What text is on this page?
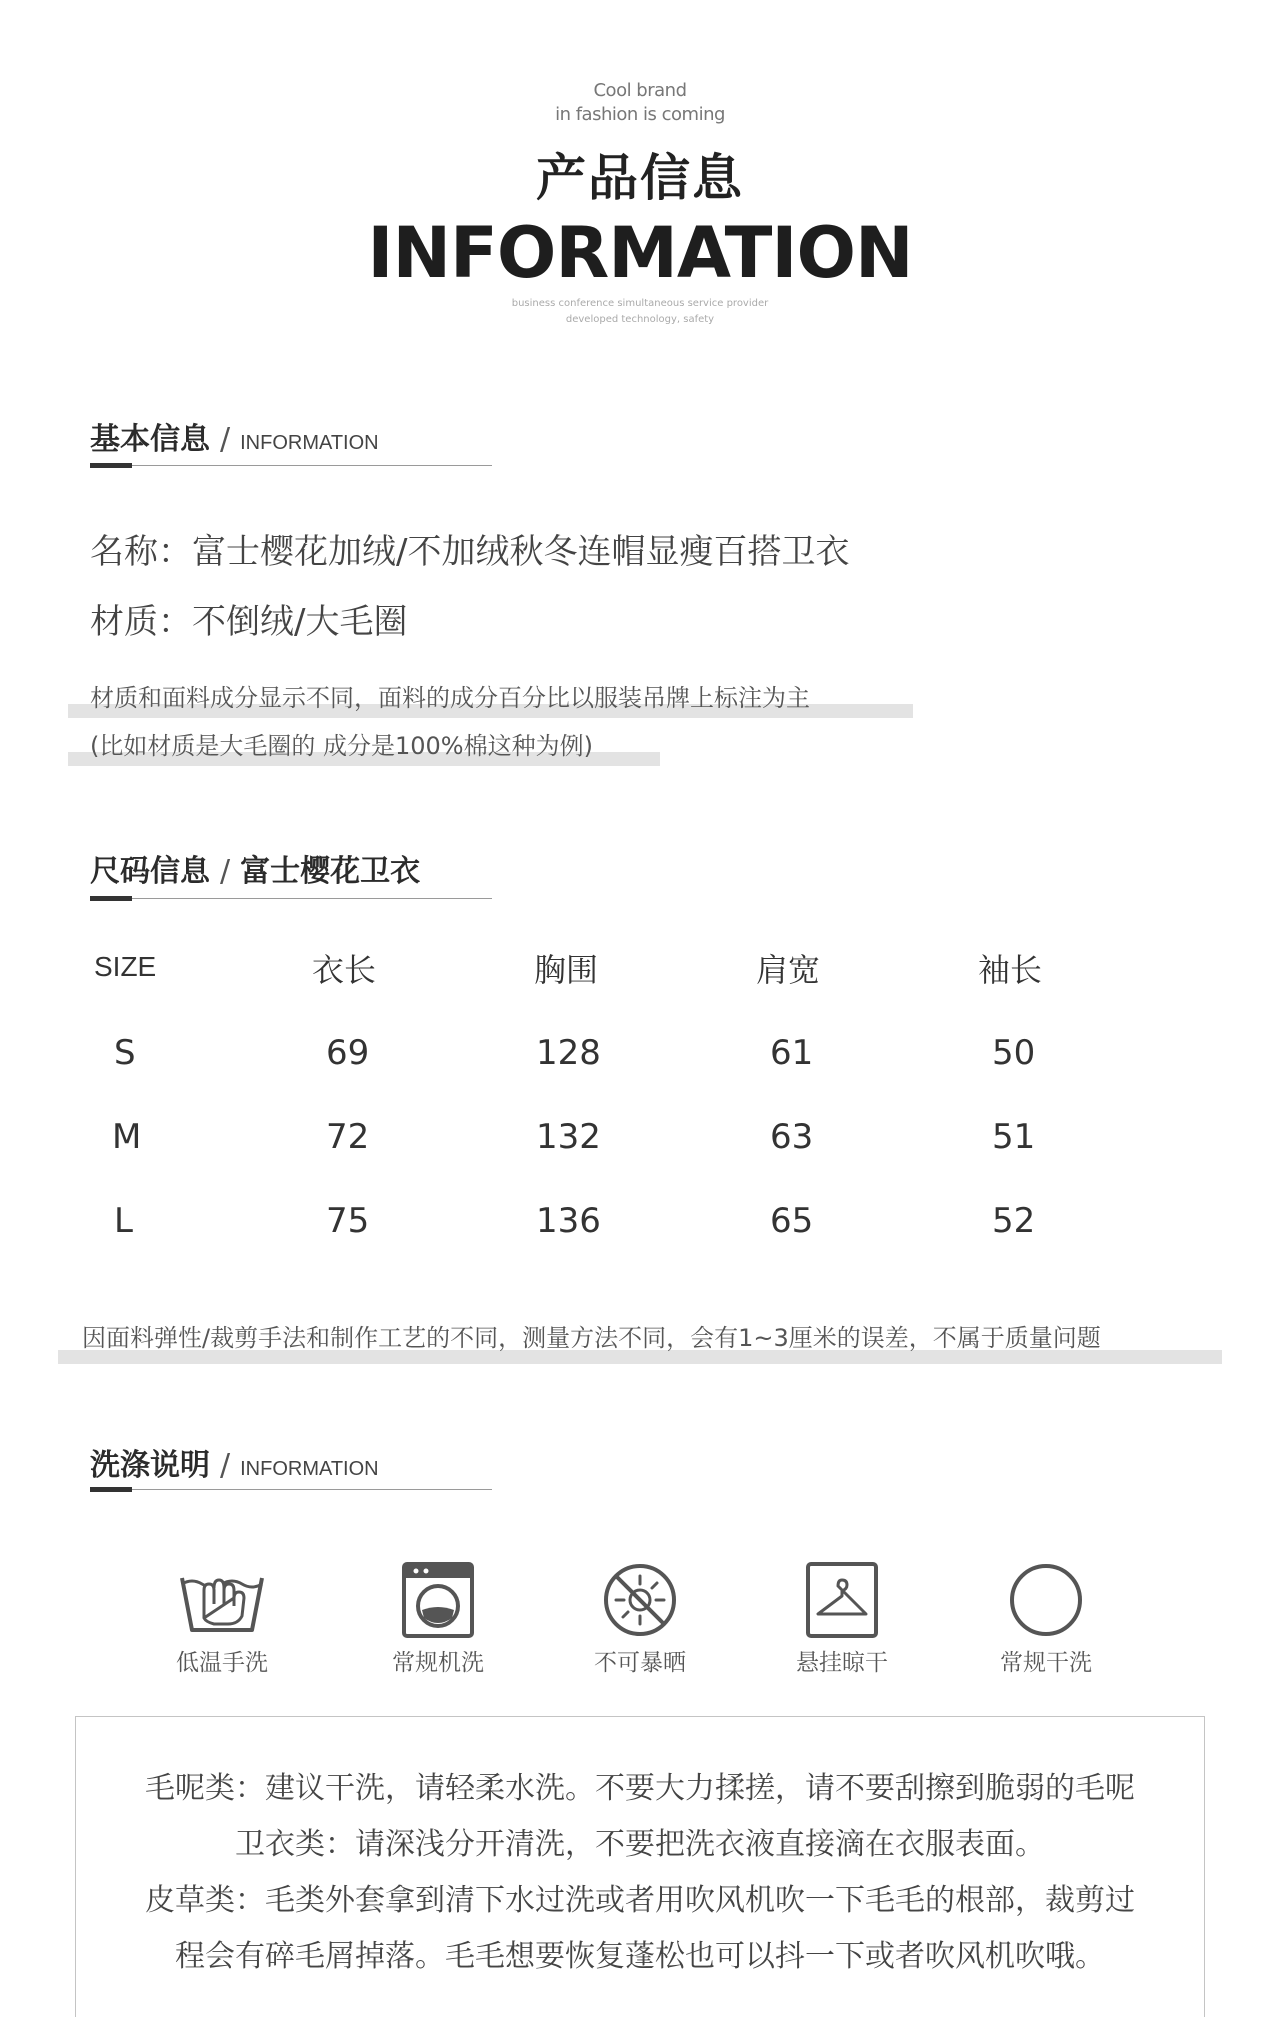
Cool brand
in fashion is coming
产品信息
INFORMATION
business conference simultaneous service provider
developed technology, safety
基本信息 / INFORMATION
名称：富士樱花加绒/不加绒秋冬连帽显瘦百搭卫衣
材质：不倒绒/大毛圈
材质和面料成分显示不同，面料的成分百分比以服装吊牌上标注为主
(比如材质是大毛圈的 成分是100%棉这种为例)
尺码信息 / 富士樱花卫衣
SIZE	衣长	胸围	肩宽	袖长
S	69	128	61	50
M	72	132	63	51
L	75	136	65	52
因面料弹性/裁剪手法和制作工艺的不同，测量方法不同，会有1~3厘米的误差，不属于质量问题
洗涤说明 / INFORMATION
低温手洗	常规机洗	不可暴晒	悬挂晾干	常规干洗
毛呢类：建议干洗，请轻柔水洗。不要大力揉搓，请不要刮擦到脆弱的毛呢
卫衣类：请深浅分开清洗，不要把洗衣液直接滴在衣服表面。
皮草类：毛类外套拿到清下水过洗或者用吹风机吹一下毛毛的根部，裁剪过
程会有碎毛屑掉落。毛毛想要恢复蓬松也可以抖一下或者吹风机吹哦。
